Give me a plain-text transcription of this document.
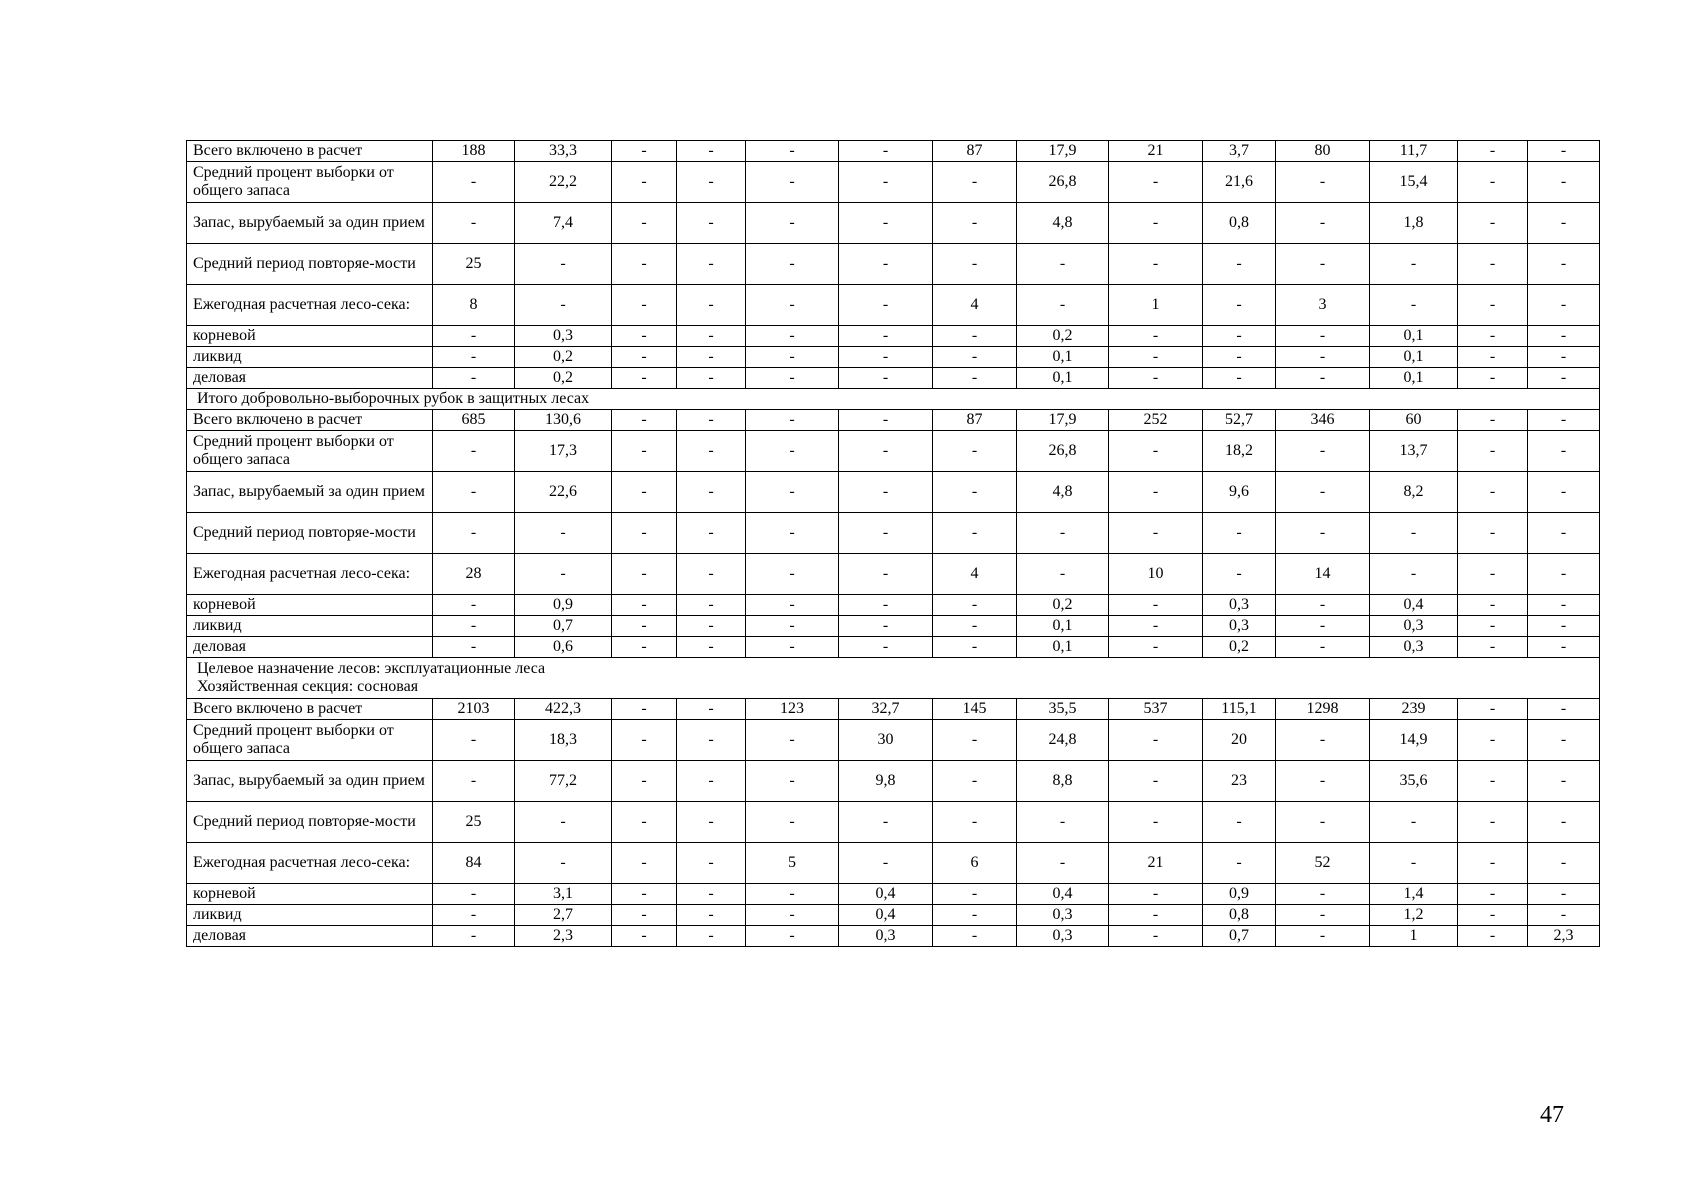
Всего включено в расчет	188	33,3	-	-	-	-	87	17,9	21	3,7	80	11,7	-	-
Средний процент выборки от общего запаса	-	22,2	-	-	-	-	-	26,8	-	21,6	-	15,4	-	-
Запас, вырубаемый за один прием	-	7,4	-	-	-	-	-	4,8	-	0,8	-	1,8	-	-
Средний период повторяе-мости	25	-	-	-	-	-	-	-	-	-	-	-	-	-
Ежегодная расчетная лесо-сека:	8	-	-	-	-	-	4	-	1	-	3	-	-	-
корневой	-	0,3	-	-	-	-	-	0,2	-	-	-	0,1	-	-
ликвид	-	0,2	-	-	-	-	-	0,1	-	-	-	0,1	-	-
деловая	-	0,2	-	-	-	-	-	0,1	-	-	-	0,1	-	-

Итого добровольно-выборочных рубок в защитных лесах														

Всего включено в расчет	685	130,6	-	-	-	-	87	17,9	252	52,7	346	60	-	-
Средний процент выборки от общего запаса	-	17,3	-	-	-	-	-	26,8	-	18,2	-	13,7	-	-
Запас, вырубаемый за один прием	-	22,6	-	-	-	-	-	4,8	-	9,6	-	8,2	-	-
Средний период повторяе-мости	-	-	-	-	-	-	-	-	-	-	-	-	-	-
Ежегодная расчетная лесо-сека:	28	-	-	-	-	-	4	-	10	-	14	-	-	-
корневой	-	0,9	-	-	-	-	-	0,2	-	0,3	-	0,4	-	-
ликвид	-	0,7	-	-	-	-	-	0,1	-	0,3	-	0,3	-	-
деловая	-	0,6	-	-	-	-	-	0,1	-	0,2	-	0,3	-	-

Целевое назначение лесов: эксплуатационные леса
Хозяйственная секция: сосновая														

Всего включено в расчет	2103	422,3	-	-	123	32,7	145	35,5	537	115,1	1298	239	-	-
Средний процент выборки от общего запаса	-	18,3	-	-	-	30	-	24,8	-	20	-	14,9	-	-
Запас, вырубаемый за один прием	-	77,2	-	-	-	9,8	-	8,8	-	23	-	35,6	-	-
Средний период повторяе-мости	25	-	-	-	-	-	-	-	-	-	-	-	-	-
Ежегодная расчетная лесо-сека:	84	-	-	-	5	-	6	-	21	-	52	-	-	-
корневой	-	3,1	-	-	-	0,4	-	0,4	-	0,9	-	1,4	-	-
ликвид	-	2,7	-	-	-	0,4	-	0,3	-	0,8	-	1,2	-	-
деловая	-	2,3	-	-	-	0,3	-	0,3	-	0,7	-	1	-	2,3
47
